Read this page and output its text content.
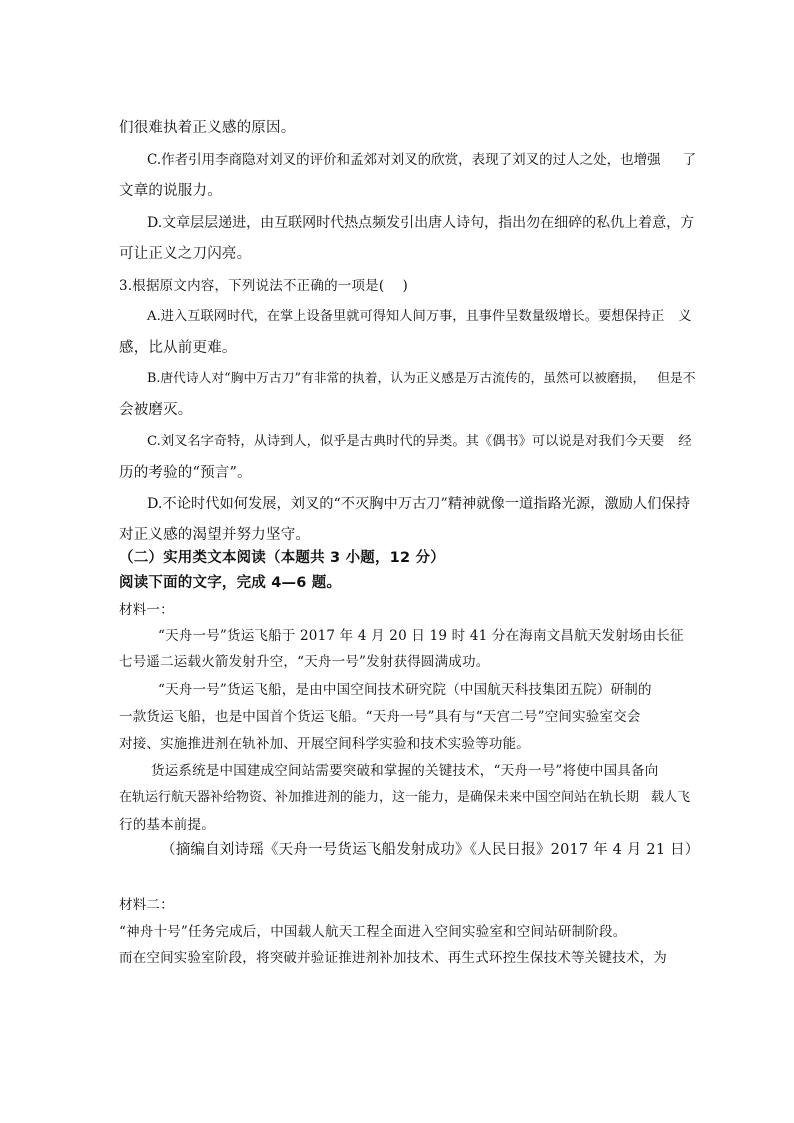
们很难执着正义感的原因。
C.作者引用李商隐对刘叉的评价和孟郊对刘叉的欣赏，表现了刘叉的过人之处，也增强 了
文章的说服力。
D.文章层层递进，由互联网时代热点频发引出唐人诗句，指出勿在细碎的私仇上着意，方
可让正义之刀闪亮。
3.根据原文内容，下列说法不正确的一项是(　 )
A.进入互联网时代，在掌上设备里就可得知人间万事，且事件呈数量级增长。要想保持正 义
感，比从前更难。
B.唐代诗人对“胸中万古刀”有非常的执着，认为正义感是万古流传的，虽然可以被磨损， 但是不
会被磨灭。
C.刘叉名字奇特，从诗到人，似乎是古典时代的异类。其《偶书》可以说是对我们今天要 经
历的考验的“预言”。
D.不论时代如何发展，刘叉的“不灭胸中万古刀”精神就像一道指路光源，激励人们保持
对正义感的渴望并努力坚守。
（二）实用类文本阅读（本题共 3 小题，12 分）
阅读下面的文字，完成 4—6 题。
材料一：
“天舟一号”货运飞船于 2017 年 4 月 20 日 19 时 41 分在海南文昌航天发射场由长征
七号遥二运载火箭发射升空，“天舟一号”发射获得圆满成功。
“天舟一号”货运飞船，是由中国空间技术研究院（中国航天科技集团五院）研制的
一款货运飞船，也是中国首个货运飞船。“天舟一号”具有与“天宫二号”空间实验室交会
对接、实施推进剂在轨补加、开展空间科学实验和技术实验等功能。
货运系统是中国建成空间站需要突破和掌握的关键技术，“天舟一号”将使中国具备向
在轨运行航天器补给物资、补加推进剂的能力，这一能力，是确保未来中国空间站在轨长期 载人飞
行的基本前提。
（摘编自刘诗瑶《天舟一号货运飞船发射成功》《人民日报》2017 年 4 月 21 日）
材料二：
“神舟十号”任务完成后，中国载人航天工程全面进入空间实验室和空间站研制阶段。
而在空间实验室阶段，将突破并验证推进剂补加技术、再生式环控生保技术等关键技术，为
